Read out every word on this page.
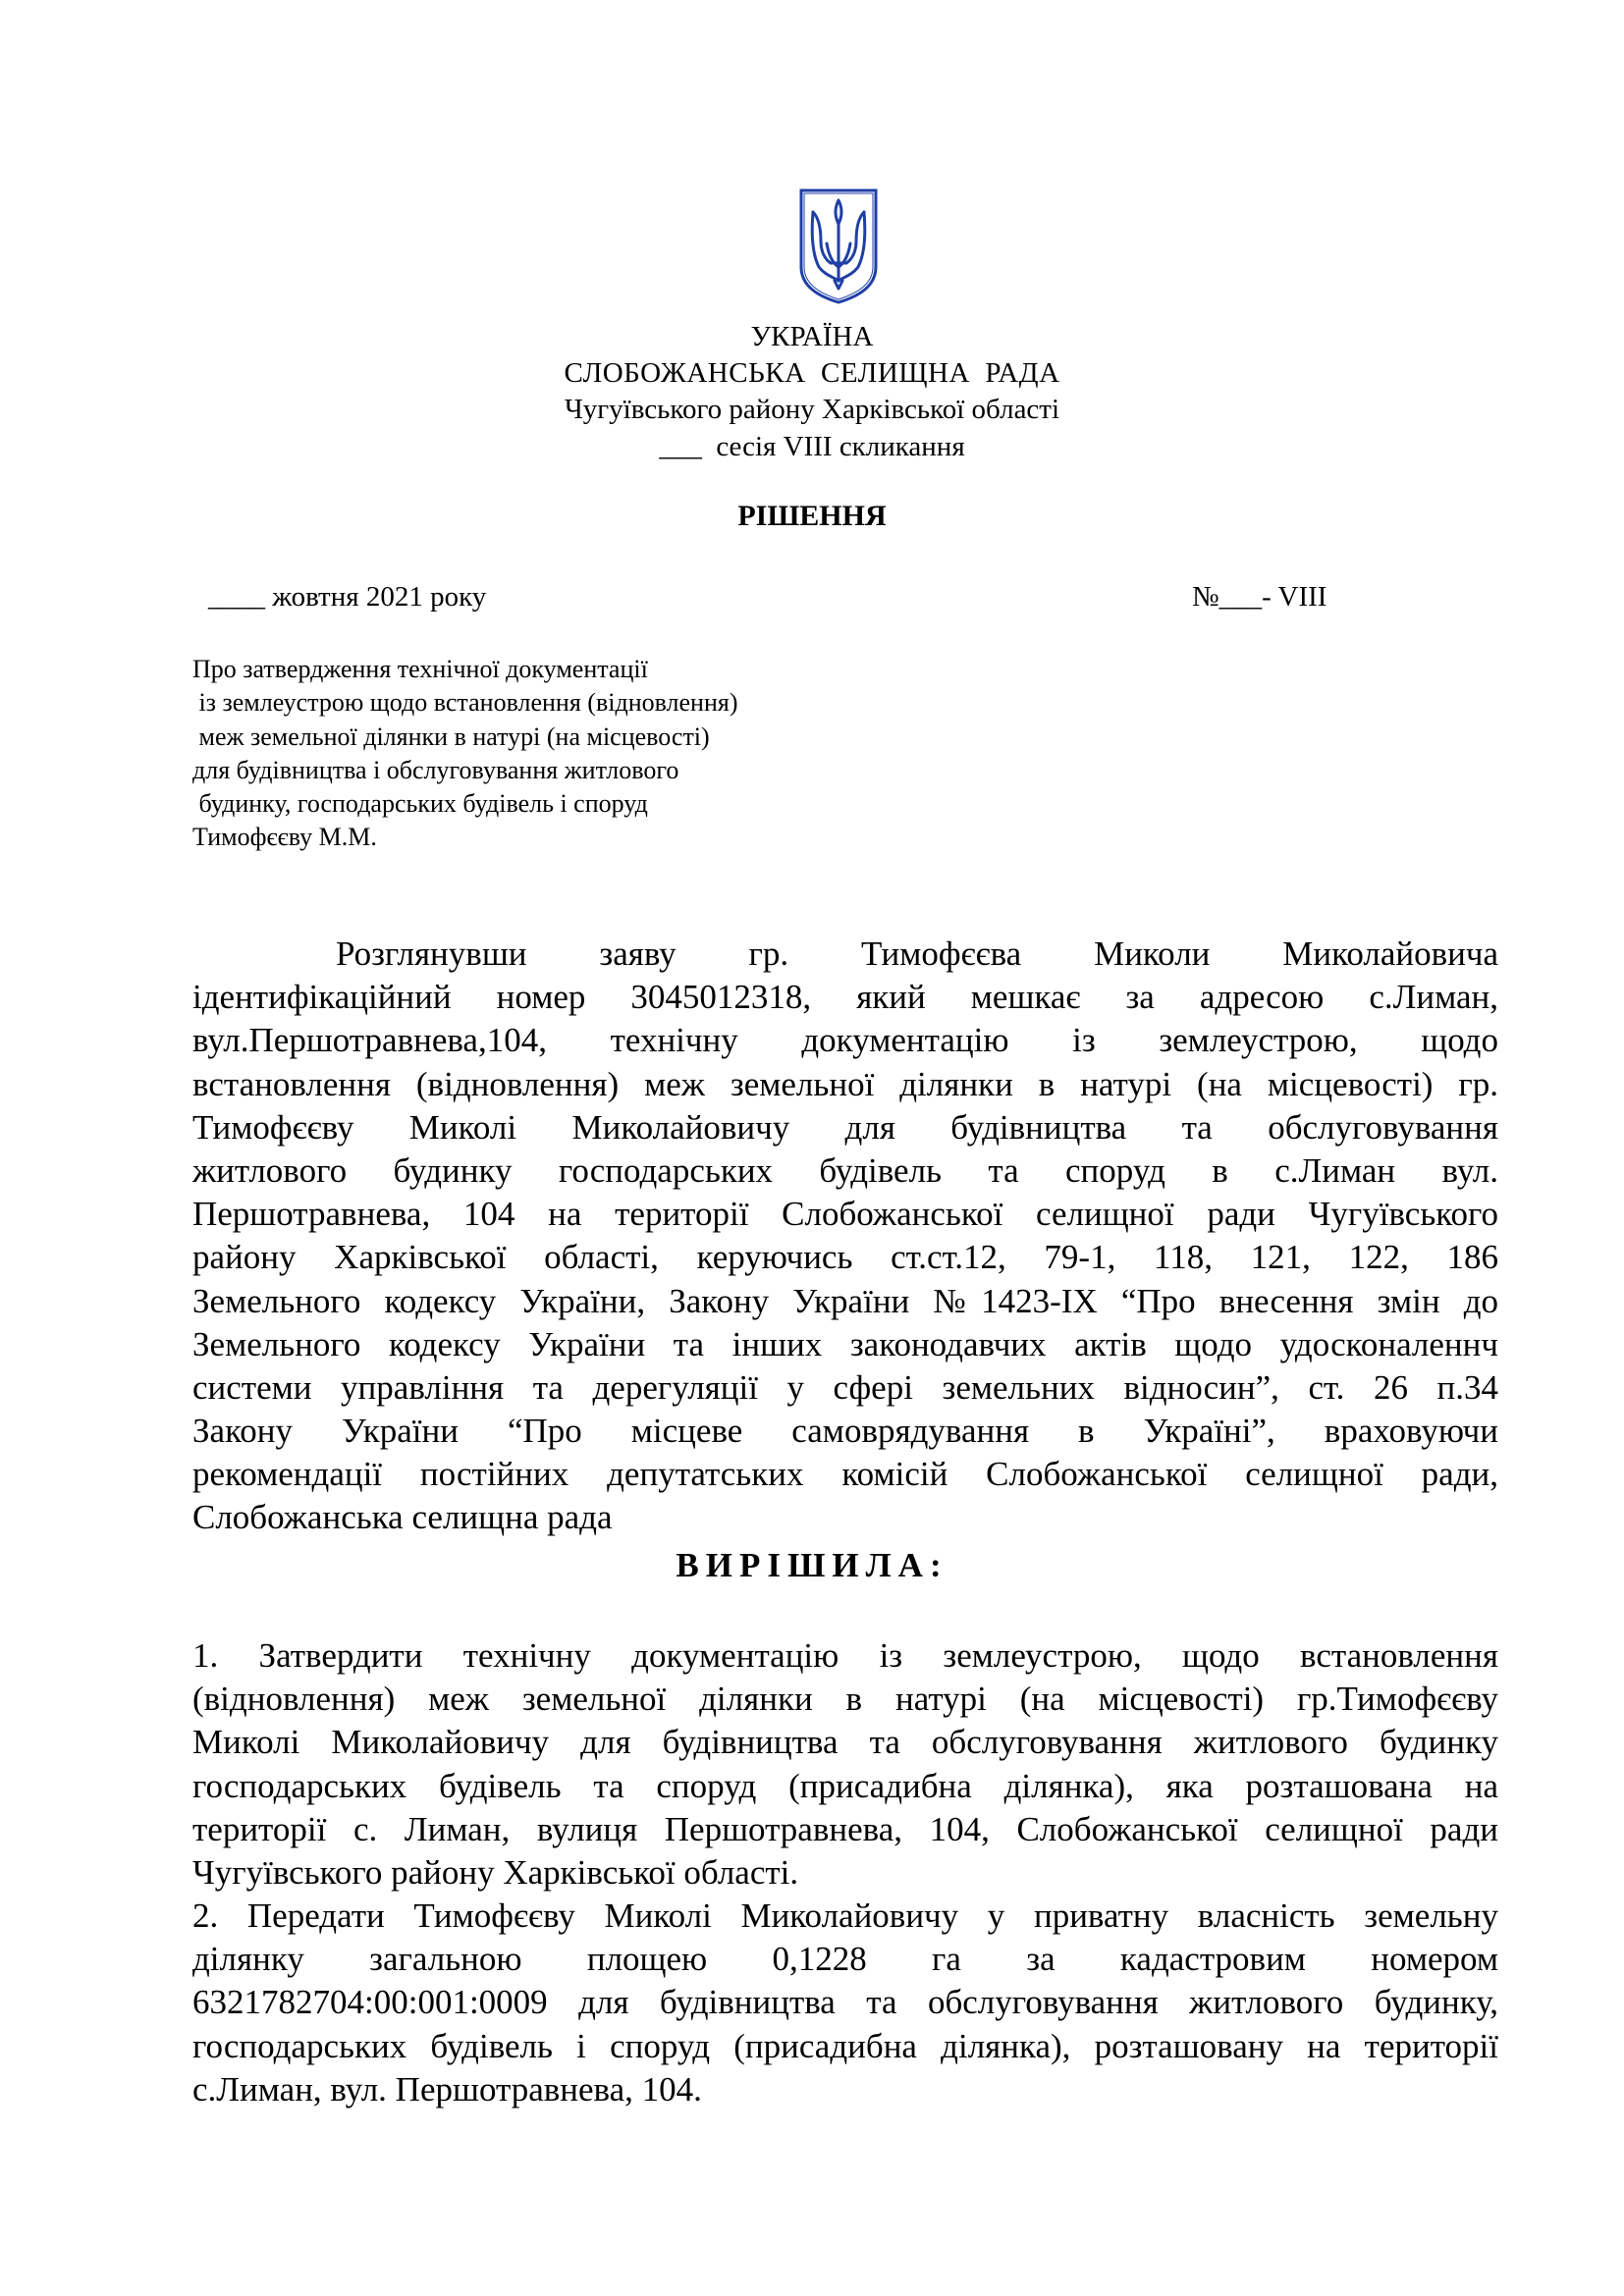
УКРАЇНА
СЛОБОЖАНСЬКА  СЕЛИЩНА  РАДА
Чугуївського району Харківської області
___  сесія VIII скликання
РІШЕННЯ
____ жовтня 2021 року	№___- VIII
Про затвердження технічної документації
із землеустрою щодо встановлення (відновлення)
меж земельної ділянки в натурі (на місцевості)
для будівництва і обслуговування житлового
будинку, господарських будівель і споруд
Тимофєєву М.М.
Розглянувши заяву гр. Тимофєєва Миколи Миколайовича
ідентифікаційний номер 3045012318, який мешкає за адресою с.Лиман,
вул.Першотравнева,104, технічну документацію із землеустрою, щодо
встановлення (відновлення) меж земельної ділянки в натурі (на місцевості) гр.
Тимофєєву Миколі Миколайовичу для будівництва та обслуговування
житлового будинку господарських будівель та споруд в с.Лиман вул.
Першотравнева, 104 на території Слобожанської селищної ради Чугуївського
району Харківської області, керуючись ст.ст.12, 79-1, 118, 121, 122, 186
Земельного кодексу України, Закону України №1423-IX “Про внесення змін до
Земельного кодексу України та інших законодавчих актів щодо удосконаленнч
системи управління та дерегуляції у сфері земельних відносин”, ст. 26 п.34
Закону України “Про місцеве самоврядування в Україні”, враховуючи
рекомендації постійних депутатських комісій Слобожанської селищної ради,
Слобожанська селищна рада
ВИРІШИЛА:
1. Затвердити технічну документацію із землеустрою, щодо встановлення
(відновлення) меж земельної ділянки в натурі (на місцевості) гр.Тимофєєву
Миколі Миколайовичу для будівництва та обслуговування житлового будинку
господарських будівель та споруд (присадибна ділянка), яка розташована на
території с. Лиман, вулиця Першотравнева, 104, Слобожанської селищної ради
Чугуївського району Харківської області.
2. Передати Тимофєєву Миколі Миколайовичу у приватну власність земельну
ділянку загальною площею 0,1228 га за кадастровим номером
6321782704:00:001:0009 для будівництва та обслуговування житлового будинку,
господарських будівель і споруд (присадибна ділянка), розташовану на території
с.Лиман, вул. Першотравнева, 104.
